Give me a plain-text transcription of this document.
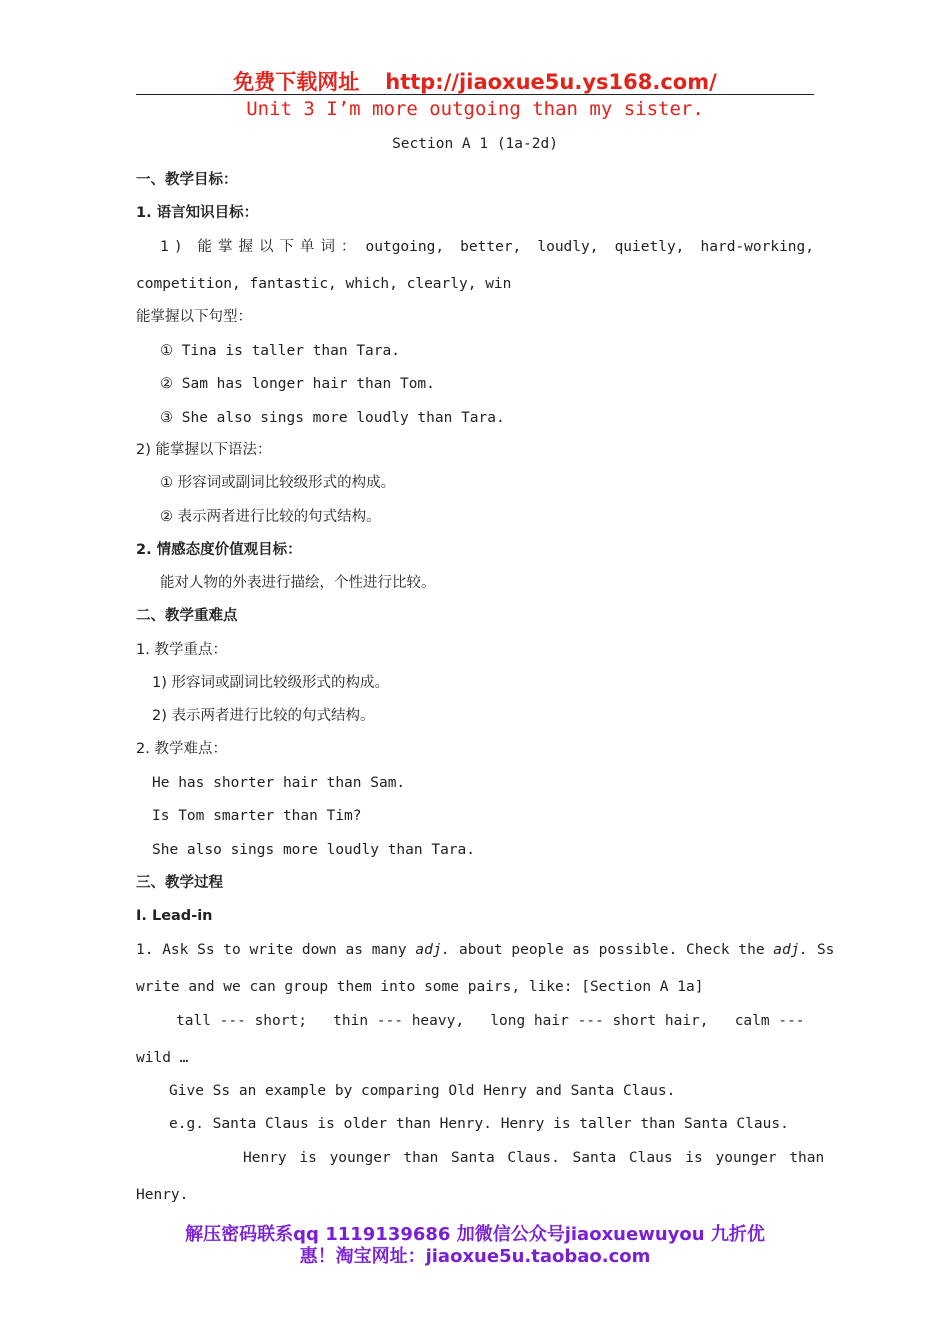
免费下载网址 http://jiaoxue5u.ys168.com/
Unit 3 I’m more outgoing than my sister.
Section A 1 (1a-2d)
一、教学目标：
1. 语言知识目标：
1) 能掌握以下单词： outgoing, better, loudly, quietly, hard-working,
competition, fantastic, which, clearly, win
能掌握以下句型：
① Tina is taller than Tara.
② Sam has longer hair than Tom.
③ She also sings more loudly than Tara.
2) 能掌握以下语法：
① 形容词或副词比较级形式的构成。
② 表示两者进行比较的句式结构。
2. 情感态度价值观目标：
能对人物的外表进行描绘，个性进行比较。
二、教学重难点
1. 教学重点：
1) 形容词或副词比较级形式的构成。
2) 表示两者进行比较的句式结构。
2. 教学难点：
He has shorter hair than Sam.
Is Tom smarter than Tim?
She also sings more loudly than Tara.
三、教学过程
Ⅰ. Lead-in
1. Ask Ss to write down as many adj. about people as possible. Check the adj. Ss
write and we can group them into some pairs, like: [Section A 1a]
tall --- short;   thin --- heavy,   long hair --- short hair,   calm ---
wild …
Give Ss an example by comparing Old Henry and Santa Claus.
e.g. Santa Claus is older than Henry. Henry is taller than Santa Claus.
Henry is younger than Santa Claus. Santa Claus is younger than
Henry.
解压密码联系qq 1119139686 加微信公众号jiaoxuewuyou 九折优
惠！淘宝网址：jiaoxue5u.taobao.com
